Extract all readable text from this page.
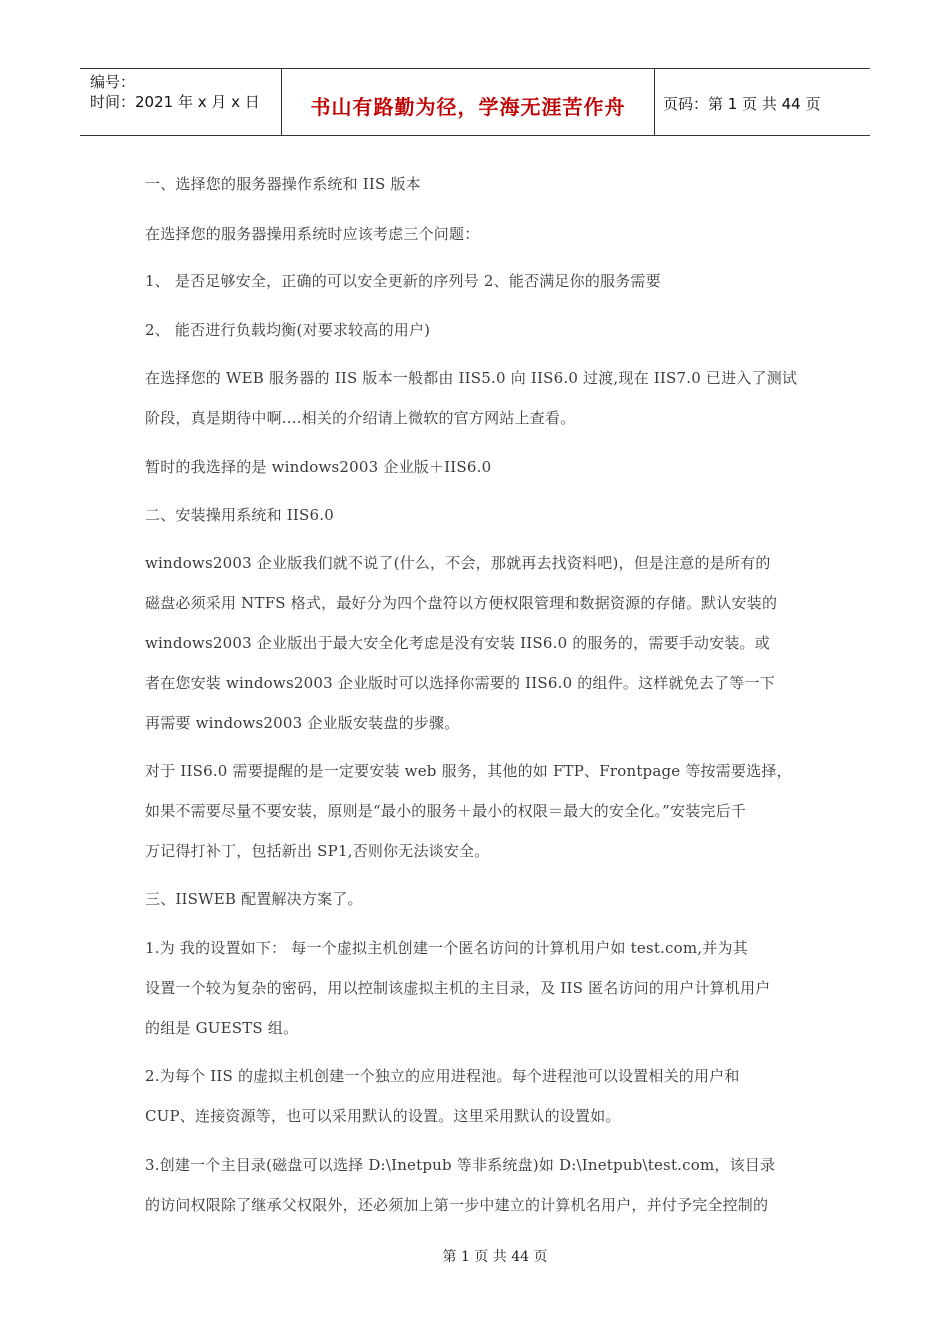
编号：
时间：2021 年 x 月 x 日	书山有路勤为径，学海无涯苦作舟	页码：第 1 页 共 44 页
一、选择您的服务器操作系统和 IIS 版本
在选择您的服务器操用系统时应该考虑三个问题：
1、 是否足够安全，正确的可以安全更新的序列号 2、能否满足你的服务需要
2、 能否进行负载均衡(对要求较高的用户)
在选择您的 WEB 服务器的 IIS 版本一般都由 IIS5.0 向 IIS6.0 过渡,现在 IIS7.0 已进入了测试
阶段，真是期待中啊....相关的介绍请上微软的官方网站上查看。
暂时的我选择的是 windows2003 企业版＋IIS6.0
二、安装操用系统和 IIS6.0
windows2003 企业版我们就不说了(什么，不会，那就再去找资料吧)，但是注意的是所有的
磁盘必须采用 NTFS 格式，最好分为四个盘符以方便权限管理和数据资源的存储。默认安装的
windows2003 企业版出于最大安全化考虑是没有安装 IIS6.0 的服务的，需要手动安装。或
者在您安装 windows2003 企业版时可以选择你需要的 IIS6.0 的组件。这样就免去了等一下
再需要 windows2003 企业版安装盘的步骤。
对于 IIS6.0 需要提醒的是一定要安装 web 服务，其他的如 FTP、Frontpage 等按需要选择，
如果不需要尽量不要安装，原则是“最小的服务＋最小的权限＝最大的安全化。”安装完后千
万记得打补丁，包括新出 SP1,否则你无法谈安全。
三、IISWEB 配置解决方案了。
1.为 我的设置如下： 每一个虚拟主机创建一个匿名访问的计算机用户如 test.com,并为其
设置一个较为复杂的密码，用以控制该虚拟主机的主目录，及 IIS 匿名访问的用户计算机用户
的组是 GUESTS 组。
2.为每个 IIS 的虚拟主机创建一个独立的应用进程池。每个进程池可以设置相关的用户和
CUP、连接资源等，也可以采用默认的设置。这里采用默认的设置如。
3.创建一个主目录(磁盘可以选择 D:\Inetpub 等非系统盘)如 D:\Inetpub\test.com，该目录
的访问权限除了继承父权限外，还必须加上第一步中建立的计算机名用户，并付予完全控制的
第 1 页 共 44 页
